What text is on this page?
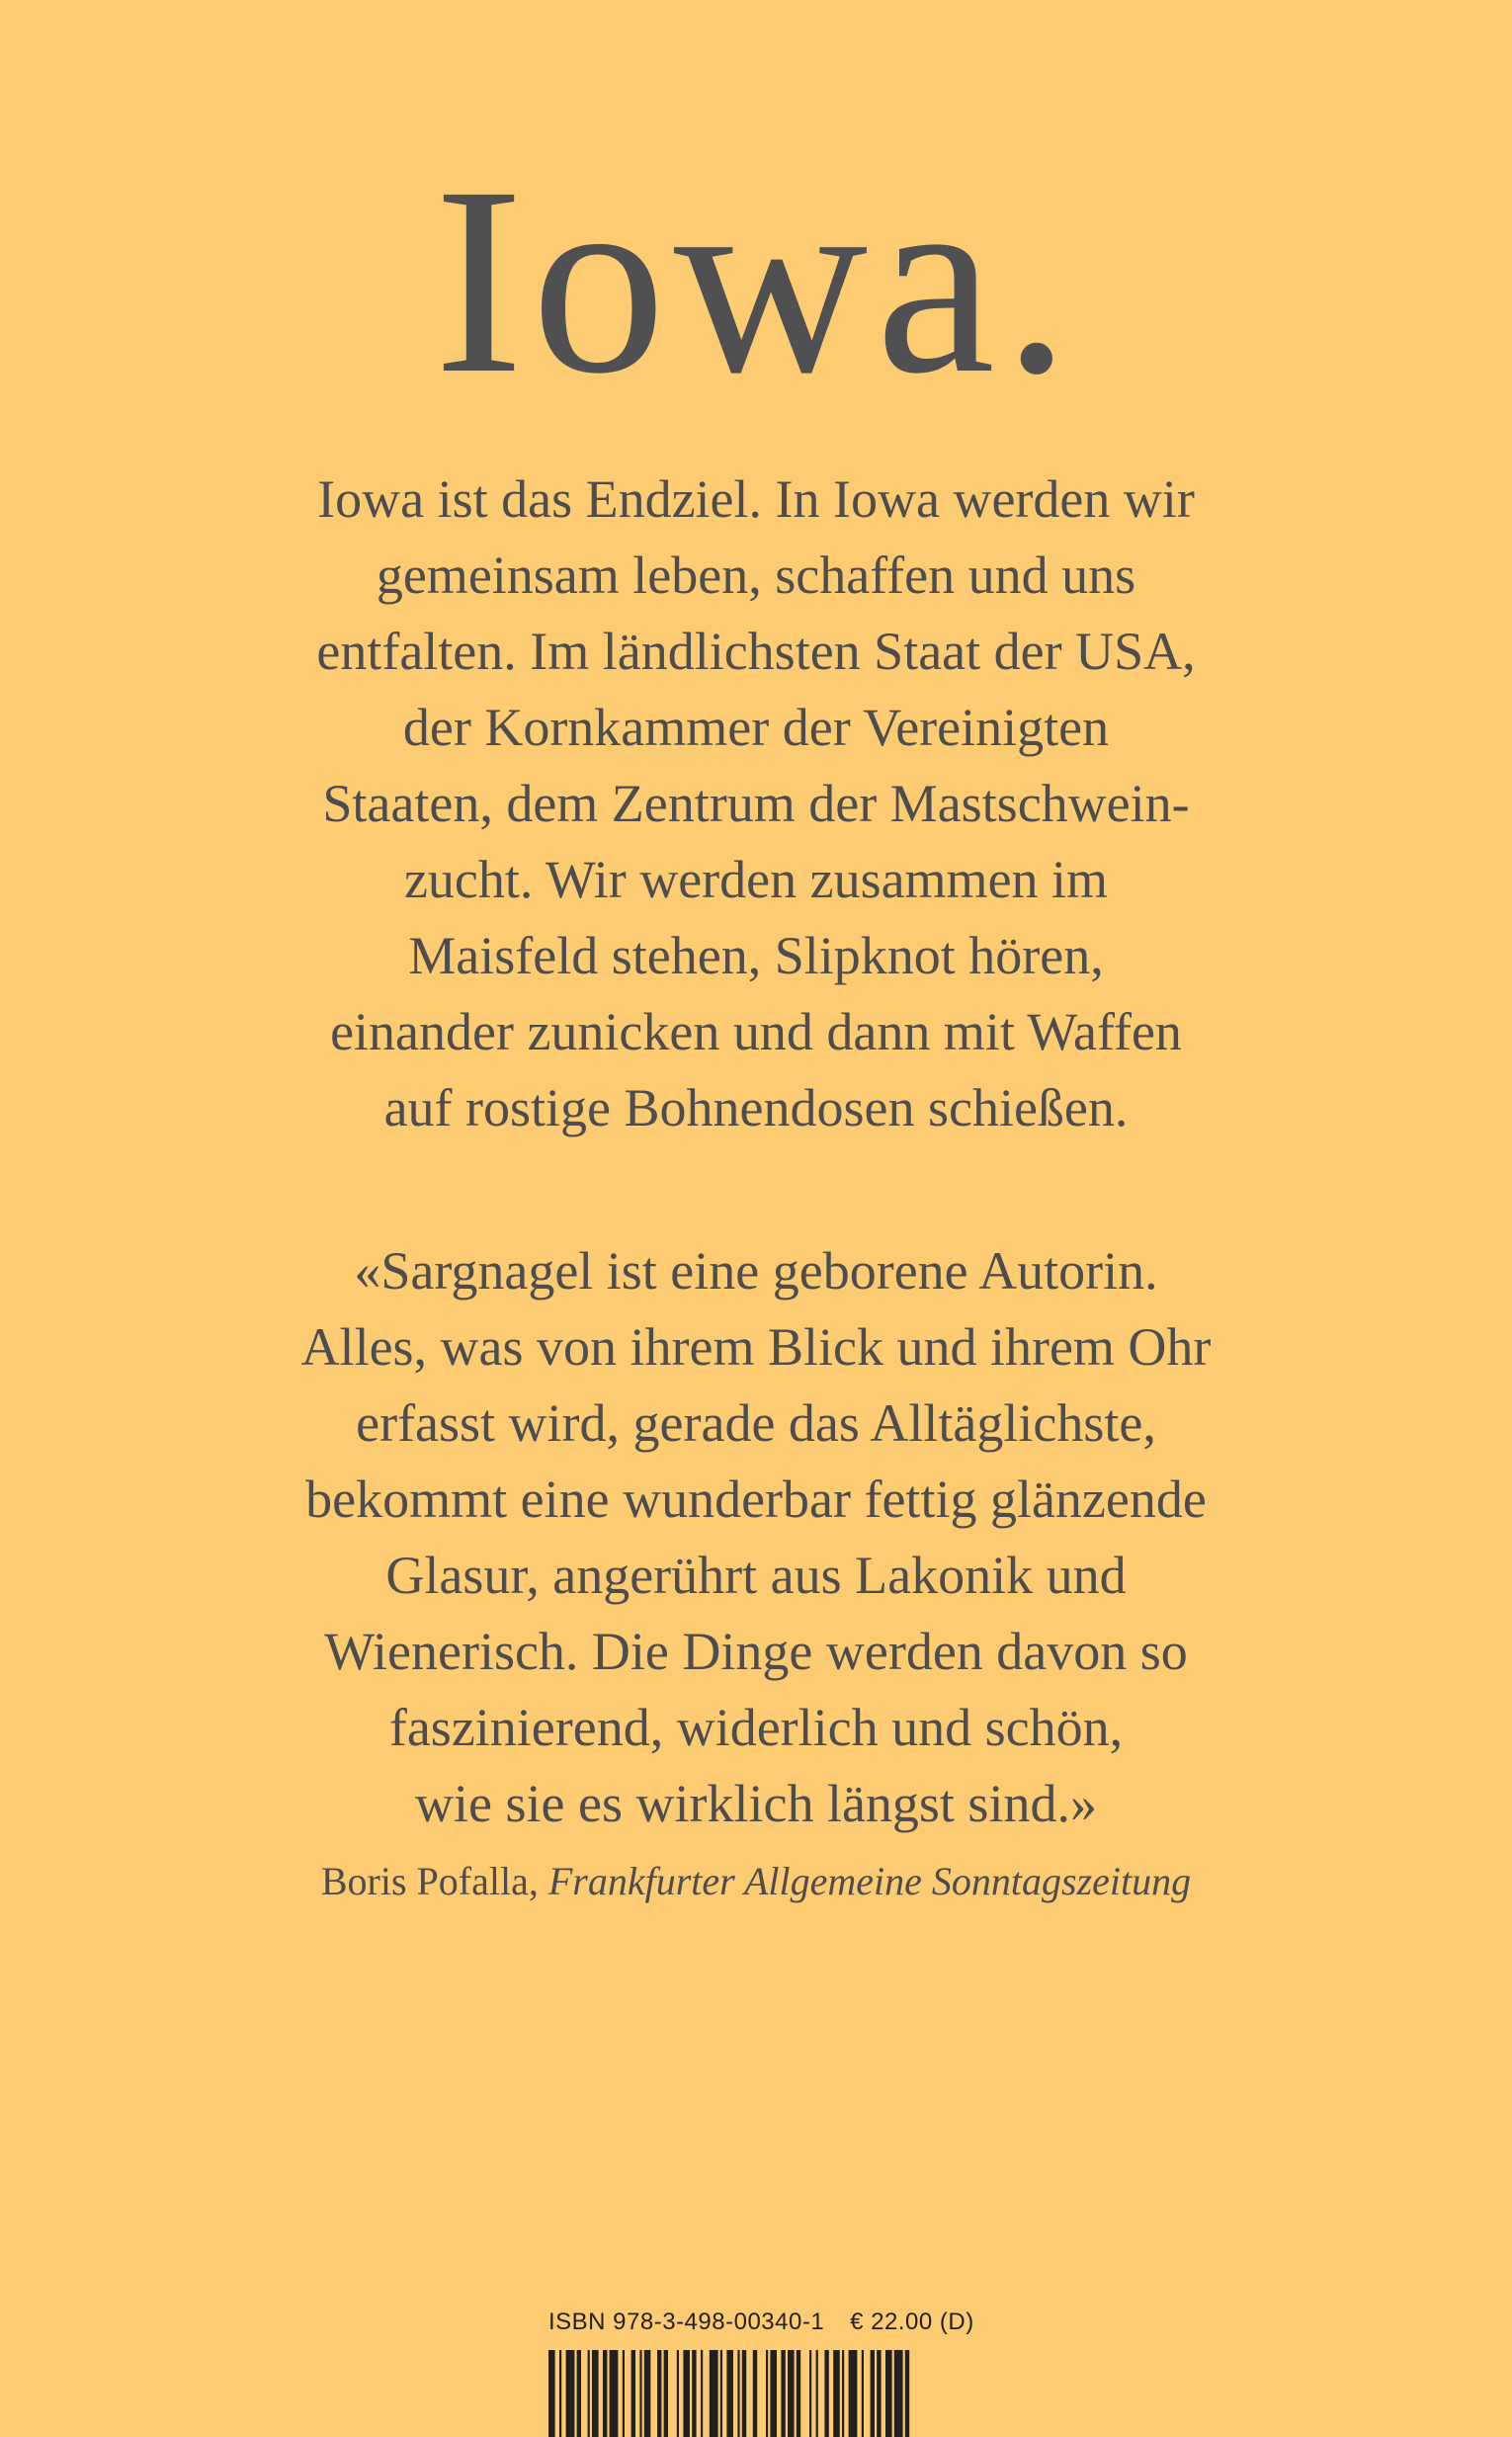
Iowa.

Iowa ist das Endziel. In Iowa werden wir
gemeinsam leben, schaffen und uns
entfalten. Im ländlichsten Staat der USA,
der Kornkammer der Vereinigten
Staaten, dem Zentrum der Mastschwein-
zucht. Wir werden zusammen im
Maisfeld stehen, Slipknot hören,
einander zunicken und dann mit Waffen
auf rostige Bohnendosen schießen.

«Sargnagel ist eine geborene Autorin.
Alles, was von ihrem Blick und ihrem Ohr
erfasst wird, gerade das Alltäglichste,
bekommt eine wunderbar fettig glänzende
Glasur, angerührt aus Lakonik und
Wienerisch. Die Dinge werden davon so
faszinierend, widerlich und schön,
wie sie es wirklich längst sind.»

Boris Pofalla, Frankfurter Allgemeine Sonntagszeitung
ISBN 978-3-498-00340-1 € 22.00 (D)
